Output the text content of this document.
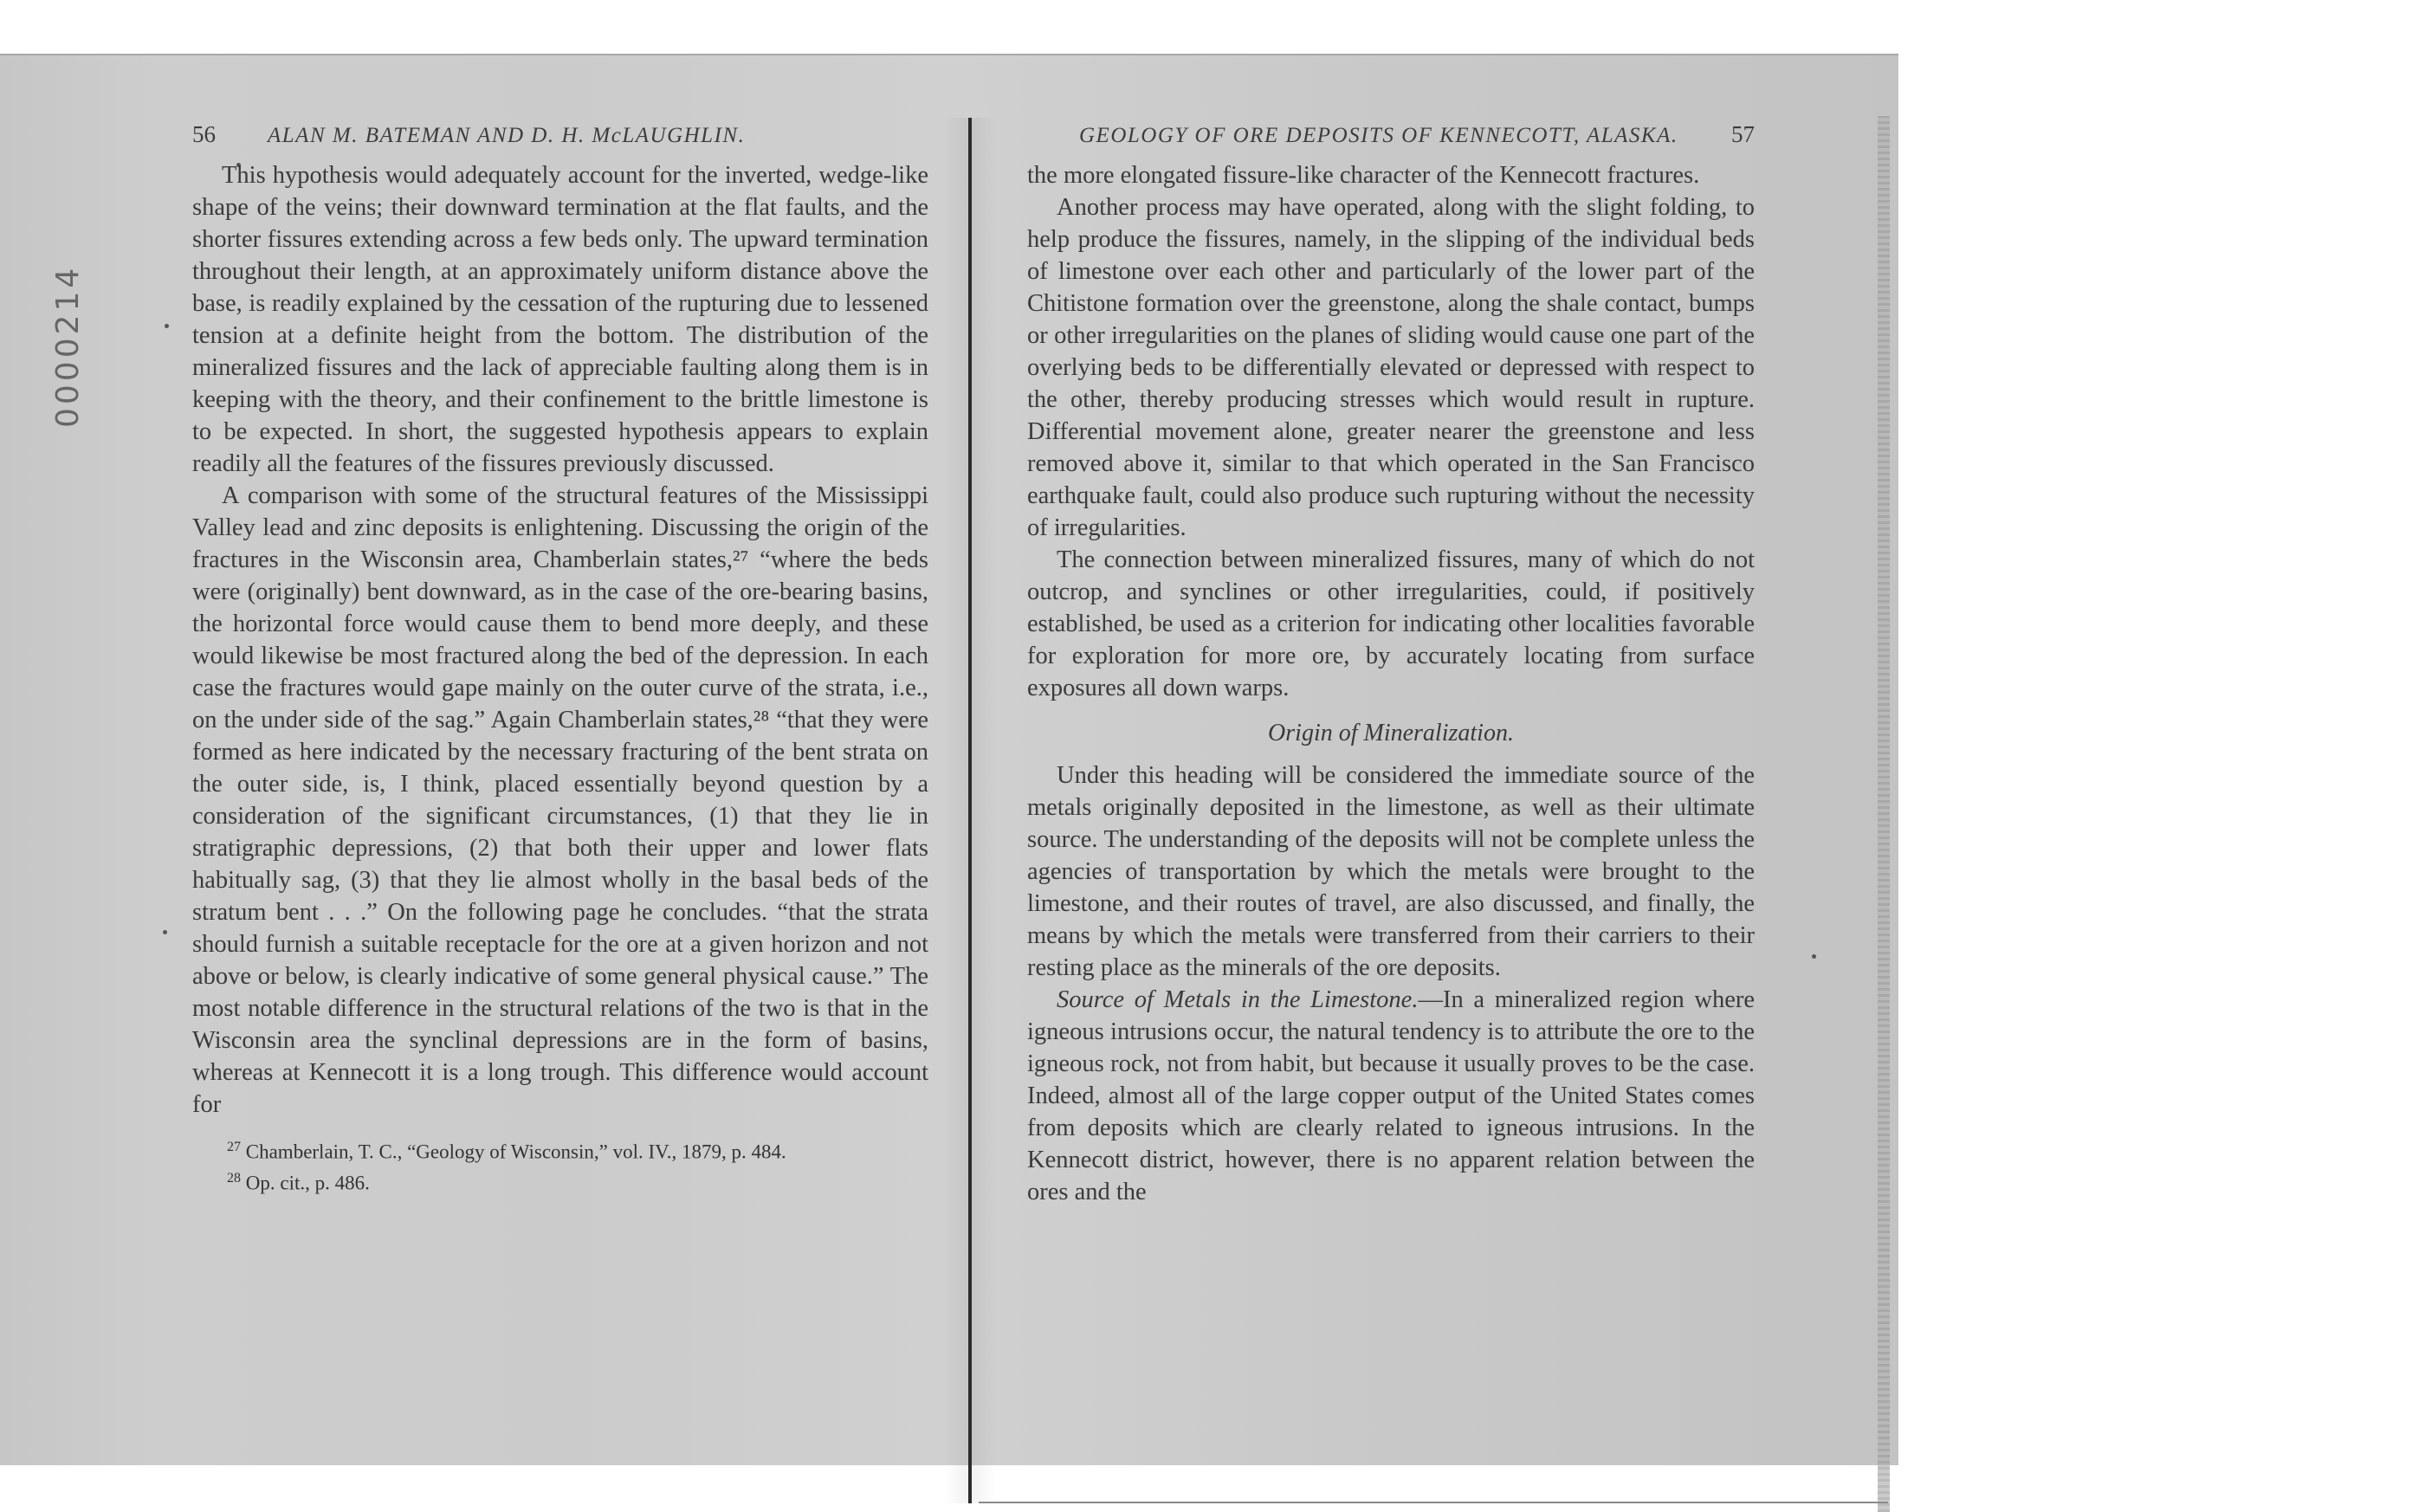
0000214
56 ALAN M. BATEMAN AND D. H. McLAUGHLIN.

This hypothesis would adequately account for the inverted, wedge-like shape of the veins; their downward termination at the flat faults, and the shorter fissures extending across a few beds only. The upward termination throughout their length, at an approximately uniform distance above the base, is readily explained by the cessation of the rupturing due to lessened tension at a definite height from the bottom. The distribution of the mineralized fissures and the lack of appreciable faulting along them is in keeping with the theory, and their confinement to the brittle limestone is to be expected. In short, the suggested hypothesis appears to explain readily all the features of the fissures previously discussed.

A comparison with some of the structural features of the Mississippi Valley lead and zinc deposits is enlightening. Discussing the origin of the fractures in the Wisconsin area, Chamberlain states,²⁷ “where the beds were (originally) bent downward, as in the case of the ore-bearing basins, the horizontal force would cause them to bend more deeply, and these would likewise be most fractured along the bed of the depression. In each case the fractures would gape mainly on the outer curve of the strata, i.e., on the under side of the sag.” Again Chamberlain states,²⁸ “that they were formed as here indicated by the necessary fracturing of the bent strata on the outer side, is, I think, placed essentially beyond question by a consideration of the significant circumstances, (1) that they lie in stratigraphic depressions, (2) that both their upper and lower flats habitually sag, (3) that they lie almost wholly in the basal beds of the stratum bent . . .” On the following page he concludes. “that the strata should furnish a suitable receptacle for the ore at a given horizon and not above or below, is clearly indicative of some general physical cause.” The most notable difference in the structural relations of the two is that in the Wisconsin area the synclinal depressions are in the form of basins, whereas at Kennecott it is a long trough. This difference would account for

$^{27}$ Chamberlain, T. C., “Geology of Wisconsin,” vol. IV., 1879, p. 484.
$^{28}$ Op. cit., p. 486.
GEOLOGY OF ORE DEPOSITS OF KENNECOTT, ALASKA. 57

the more elongated fissure-like character of the Kennecott fractures.

Another process may have operated, along with the slight folding, to help produce the fissures, namely, in the slipping of the individual beds of limestone over each other and particularly of the lower part of the Chitistone formation over the greenstone, along the shale contact, bumps or other irregularities on the planes of sliding would cause one part of the overlying beds to be differentially elevated or depressed with respect to the other, thereby producing stresses which would result in rupture. Differential movement alone, greater nearer the greenstone and less removed above it, similar to that which operated in the San Francisco earthquake fault, could also produce such rupturing without the necessity of irregularities.

The connection between mineralized fissures, many of which do not outcrop, and synclines or other irregularities, could, if positively established, be used as a criterion for indicating other localities favorable for exploration for more ore, by accurately locating from surface exposures all down warps.

Origin of Mineralization.

Under this heading will be considered the immediate source of the metals originally deposited in the limestone, as well as their ultimate source. The understanding of the deposits will not be complete unless the agencies of transportation by which the metals were brought to the limestone, and their routes of travel, are also discussed, and finally, the means by which the metals were transferred from their carriers to their resting place as the minerals of the ore deposits.

Source of Metals in the Limestone.—In a mineralized region where igneous intrusions occur, the natural tendency is to attribute the ore to the igneous rock, not from habit, but because it usually proves to be the case. Indeed, almost all of the large copper output of the United States comes from deposits which are clearly related to igneous intrusions. In the Kennecott district, however, there is no apparent relation between the ores and the
